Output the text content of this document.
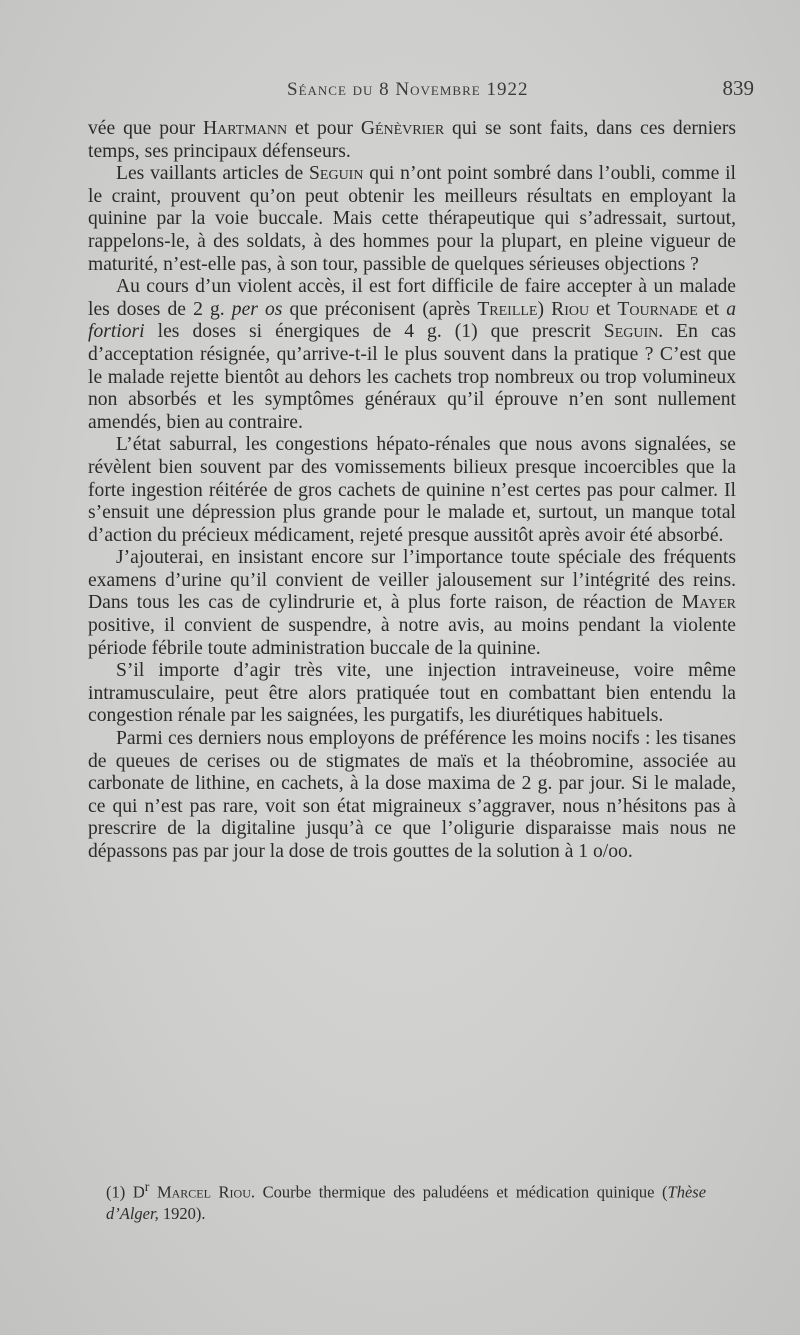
Séance du 8 Novembre 1922	839

vée que pour Hartmann et pour Génèvrier qui se sont faits, dans ces derniers temps, ses principaux défenseurs.

Les vaillants articles de Seguin qui n’ont point sombré dans l’oubli, comme il le craint, prouvent qu’on peut obtenir les meilleurs résultats en employant la quinine par la voie buccale. Mais cette thérapeutique qui s’adressait, surtout, rappelons-le, à des soldats, à des hommes pour la plupart, en pleine vigueur de maturité, n’est-elle pas, à son tour, passible de quelques sérieuses objections ?

Au cours d’un violent accès, il est fort difficile de faire accepter à un malade les doses de 2 g. per os que préconisent (après Treille) Riou et Tournade et a fortiori les doses si énergiques de 4 g. (1) que prescrit Seguin. En cas d’acceptation résignée, qu’arrive-t-il le plus souvent dans la pratique ? C’est que le malade rejette bientôt au dehors les cachets trop nombreux ou trop volumineux non absorbés et les symptômes généraux qu’il éprouve n’en sont nullement amendés, bien au contraire.

L’état saburral, les congestions hépato-rénales que nous avons signalées, se révèlent bien souvent par des vomissements bilieux presque incoercibles que la forte ingestion réitérée de gros cachets de quinine n’est certes pas pour calmer. Il s’ensuit une dépression plus grande pour le malade et, surtout, un manque total d’action du précieux médicament, rejeté presque aussitôt après avoir été absorbé.

J’ajouterai, en insistant encore sur l’importance toute spéciale des fréquents examens d’urine qu’il convient de veiller jalousement sur l’intégrité des reins. Dans tous les cas de cylindrurie et, à plus forte raison, de réaction de Mayer positive, il convient de suspendre, à notre avis, au moins pendant la violente période fébrile toute administration buccale de la quinine.

S’il importe d’agir très vite, une injection intraveineuse, voire même intramusculaire, peut être alors pratiquée tout en combattant bien entendu la congestion rénale par les saignées, les purgatifs, les diurétiques habituels.

Parmi ces derniers nous employons de préférence les moins nocifs : les tisanes de queues de cerises ou de stigmates de maïs et la théobromine, associée au carbonate de lithine, en cachets, à la dose maxima de 2 g. par jour. Si le malade, ce qui n’est pas rare, voit son état migraineux s’aggraver, nous n’hésitons pas à prescrire de la digitaline jusqu’à ce que l’oligurie disparaisse mais nous ne dépassons pas par jour la dose de trois gouttes de la solution à 1 o/oo.

(1) $D^r$ Marcel Riou. Courbe thermique des paludéens et médication quinique (Thèse d’Alger, 1920).
